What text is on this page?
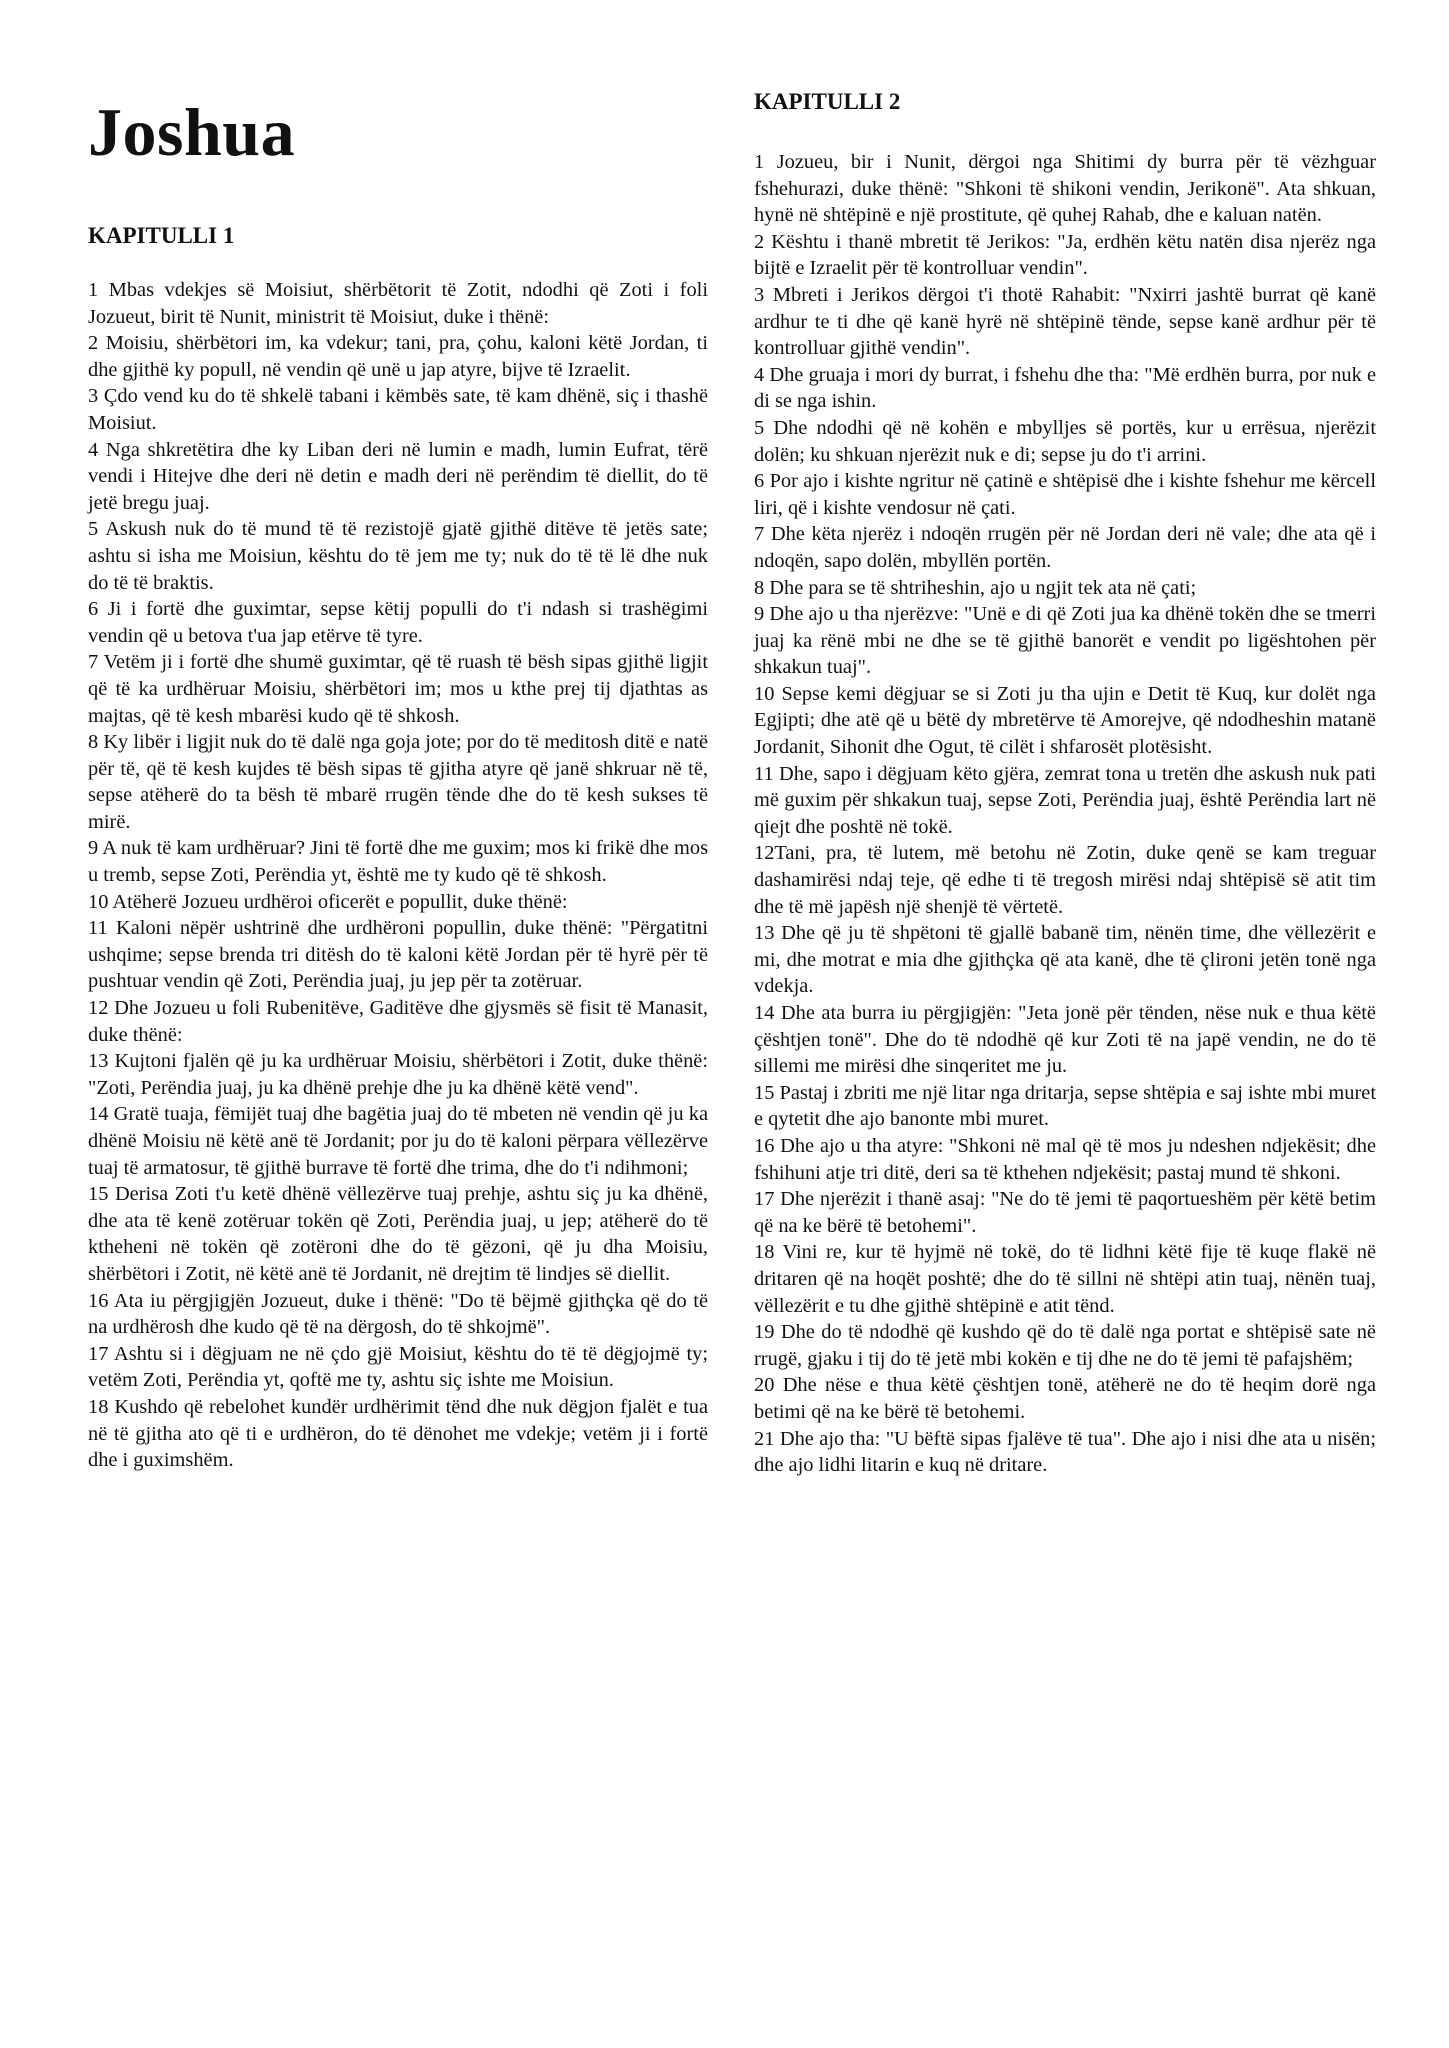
Joshua
KAPITULLI 1

1 Mbas vdekjes së Moisiut, shërbëtorit të Zotit, ndodhi që Zoti i foli Jozueut, birit të Nunit, ministrit të Moisiut, duke i thënë:

2 Moisiu, shërbëtori im, ka vdekur; tani, pra, çohu, kaloni këtë Jordan, ti dhe gjithë ky popull, në vendin që unë u jap atyre, bijve të Izraelit.

3 Çdo vend ku do të shkelë tabani i këmbës sate, të kam dhënë, siç i thashë Moisiut.

4 Nga shkretëtira dhe ky Liban deri në lumin e madh, lumin Eufrat, tërë vendi i Hitejve dhe deri në detin e madh deri në perëndim të diellit, do të jetë bregu juaj.

5 Askush nuk do të mund të të rezistojë gjatë gjithë ditëve të jetës sate; ashtu si isha me Moisiun, kështu do të jem me ty; nuk do të të lë dhe nuk do të të braktis.

6 Ji i fortë dhe guximtar, sepse këtij populli do t'i ndash si trashëgimi vendin që u betova t'ua jap etërve të tyre.

7 Vetëm ji i fortë dhe shumë guximtar, që të ruash të bësh sipas gjithë ligjit që të ka urdhëruar Moisiu, shërbëtori im; mos u kthe prej tij djathtas as majtas, që të kesh mbarësi kudo që të shkosh.

8 Ky libër i ligjit nuk do të dalë nga goja jote; por do të meditosh ditë e natë për të, që të kesh kujdes të bësh sipas të gjitha atyre që janë shkruar në të, sepse atëherë do ta bësh të mbarë rrugën tënde dhe do të kesh sukses të mirë.

9 A nuk të kam urdhëruar? Jini të fortë dhe me guxim; mos ki frikë dhe mos u tremb, sepse Zoti, Perëndia yt, është me ty kudo që të shkosh.

10 Atëherë Jozueu urdhëroi oficerët e popullit, duke thënë:

11 Kaloni nëpër ushtrinë dhe urdhëroni popullin, duke thënë: "Përgatitni ushqime; sepse brenda tri ditësh do të kaloni këtë Jordan për të hyrë për të pushtuar vendin që Zoti, Perëndia juaj, ju jep për ta zotëruar.

12 Dhe Jozueu u foli Rubenitëve, Gaditëve dhe gjysmës së fisit të Manasit, duke thënë:

13 Kujtoni fjalën që ju ka urdhëruar Moisiu, shërbëtori i Zotit, duke thënë: "Zoti, Perëndia juaj, ju ka dhënë prehje dhe ju ka dhënë këtë vend".

14 Gratë tuaja, fëmijët tuaj dhe bagëtia juaj do të mbeten në vendin që ju ka dhënë Moisiu në këtë anë të Jordanit; por ju do të kaloni përpara vëllezërve tuaj të armatosur, të gjithë burrave të fortë dhe trima, dhe do t'i ndihmoni;

15 Derisa Zoti t'u ketë dhënë vëllezërve tuaj prehje, ashtu siç ju ka dhënë, dhe ata të kenë zotëruar tokën që Zoti, Perëndia juaj, u jep; atëherë do të ktheheni në tokën që zotëroni dhe do të gëzoni, që ju dha Moisiu, shërbëtori i Zotit, në këtë anë të Jordanit, në drejtim të lindjes së diellit.

16 Ata iu përgjigjën Jozueut, duke i thënë: "Do të bëjmë gjithçka që do të na urdhërosh dhe kudo që të na dërgosh, do të shkojmë".

17 Ashtu si i dëgjuam ne në çdo gjë Moisiut, kështu do të të dëgjojmë ty; vetëm Zoti, Perëndia yt, qoftë me ty, ashtu siç ishte me Moisiun.

18 Kushdo që rebelohet kundër urdhërimit tënd dhe nuk dëgjon fjalët e tua në të gjitha ato që ti e urdhëron, do të dënohet me vdekje; vetëm ji i fortë dhe i guximshëm.

KAPITULLI 2

1 Jozueu, bir i Nunit, dërgoi nga Shitimi dy burra për të vëzhguar fshehurazi, duke thënë: "Shkoni të shikoni vendin, Jerikonë". Ata shkuan, hynë në shtëpinë e një prostitute, që quhej Rahab, dhe e kaluan natën.

2 Kështu i thanë mbretit të Jerikos: "Ja, erdhën këtu natën disa njerëz nga bijtë e Izraelit për të kontrolluar vendin".

3 Mbreti i Jerikos dërgoi t'i thotë Rahabit: "Nxirri jashtë burrat që kanë ardhur te ti dhe që kanë hyrë në shtëpinë tënde, sepse kanë ardhur për të kontrolluar gjithë vendin".

4 Dhe gruaja i mori dy burrat, i fshehu dhe tha: "Më erdhën burra, por nuk e di se nga ishin.

5 Dhe ndodhi që në kohën e mbylljes së portës, kur u errësua, njerëzit dolën; ku shkuan njerëzit nuk e di; sepse ju do t'i arrini.

6 Por ajo i kishte ngritur në çatinë e shtëpisë dhe i kishte fshehur me kërcell liri, që i kishte vendosur në çati.

7 Dhe këta njerëz i ndoqën rrugën për në Jordan deri në vale; dhe ata që i ndoqën, sapo dolën, mbyllën portën.

8 Dhe para se të shtriheshin, ajo u ngjit tek ata në çati;

9 Dhe ajo u tha njerëzve: "Unë e di që Zoti jua ka dhënë tokën dhe se tmerri juaj ka rënë mbi ne dhe se të gjithë banorët e vendit po ligështohen për shkakun tuaj".

10 Sepse kemi dëgjuar se si Zoti ju tha ujin e Detit të Kuq, kur dolët nga Egjipti; dhe atë që u bëtë dy mbretërve të Amorejve, që ndodheshin matanë Jordanit, Sihonit dhe Ogut, të cilët i shfarosët plotësisht.

11 Dhe, sapo i dëgjuam këto gjëra, zemrat tona u tretën dhe askush nuk pati më guxim për shkakun tuaj, sepse Zoti, Perëndia juaj, është Perëndia lart në qiejt dhe poshtë në tokë.

12Tani, pra, të lutem, më betohu në Zotin, duke qenë se kam treguar dashamirësi ndaj teje, që edhe ti të tregosh mirësi ndaj shtëpisë së atit tim dhe të më japësh një shenjë të vërtetë.

13 Dhe që ju të shpëtoni të gjallë babanë tim, nënën time, dhe vëllezërit e mi, dhe motrat e mia dhe gjithçka që ata kanë, dhe të çlironi jetën tonë nga vdekja.

14 Dhe ata burra iu përgjigjën: "Jeta jonë për tënden, nëse nuk e thua këtë çështjen tonë". Dhe do të ndodhë që kur Zoti të na japë vendin, ne do të sillemi me mirësi dhe sinqeritet me ju.

15 Pastaj i zbriti me një litar nga dritarja, sepse shtëpia e saj ishte mbi muret e qytetit dhe ajo banonte mbi muret.

16 Dhe ajo u tha atyre: "Shkoni në mal që të mos ju ndeshen ndjekësit; dhe fshihuni atje tri ditë, deri sa të kthehen ndjekësit; pastaj mund të shkoni.

17 Dhe njerëzit i thanë asaj: "Ne do të jemi të paqortueshëm për këtë betim që na ke bërë të betohemi".

18 Vini re, kur të hyjmë në tokë, do të lidhni këtë fije të kuqe flakë në dritaren që na hoqët poshtë; dhe do të sillni në shtëpi atin tuaj, nënën tuaj, vëllezërit e tu dhe gjithë shtëpinë e atit tënd.

19 Dhe do të ndodhë që kushdo që do të dalë nga portat e shtëpisë sate në rrugë, gjaku i tij do të jetë mbi kokën e tij dhe ne do të jemi të pafajshëm;

20 Dhe nëse e thua këtë çështjen tonë, atëherë ne do të heqim dorë nga betimi që na ke bërë të betohemi.

21 Dhe ajo tha: "U bëftë sipas fjalëve të tua". Dhe ajo i nisi dhe ata u nisën; dhe ajo lidhi litarin e kuq në dritare.
